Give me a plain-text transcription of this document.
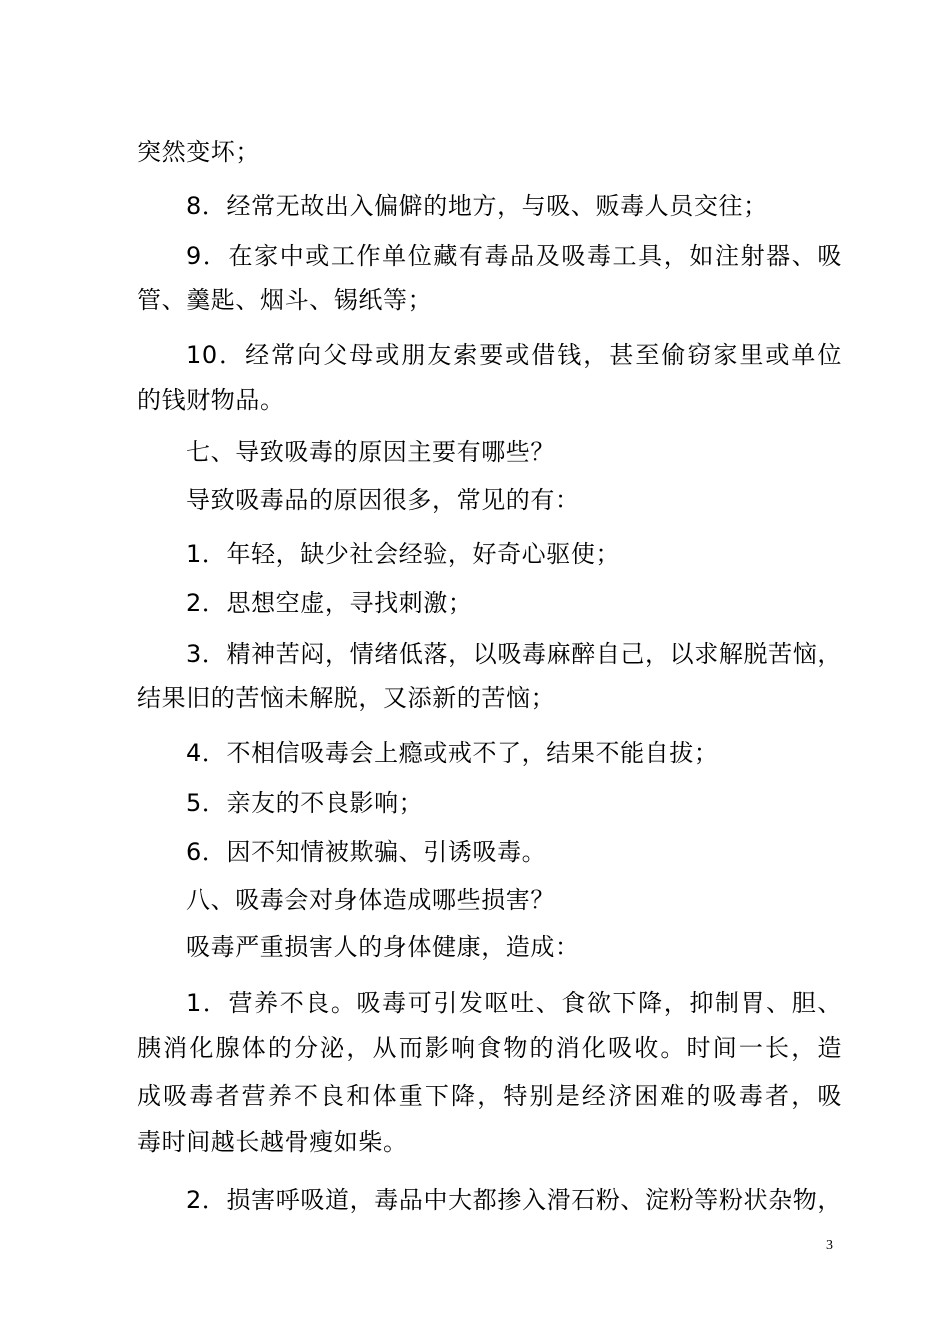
突然变坏；
8．经常无故出入偏僻的地方，与吸、贩毒人员交往；
9．在家中或工作单位藏有毒品及吸毒工具，如注射器、吸
管、羹匙、烟斗、锡纸等；
10．经常向父母或朋友索要或借钱，甚至偷窃家里或单位
的钱财物品。
七、导致吸毒的原因主要有哪些？
导致吸毒品的原因很多，常见的有：
1．年轻，缺少社会经验，好奇心驱使；
2．思想空虚，寻找刺激；
3．精神苦闷，情绪低落，以吸毒麻醉自己，以求解脱苦恼，
结果旧的苦恼未解脱，又添新的苦恼；
4．不相信吸毒会上瘾或戒不了，结果不能自拔；
5．亲友的不良影响；
6．因不知情被欺骗、引诱吸毒。
八、吸毒会对身体造成哪些损害？
吸毒严重损害人的身体健康，造成：
1．营养不良。吸毒可引发呕吐、食欲下降，抑制胃、胆、
胰消化腺体的分泌，从而影响食物的消化吸收。时间一长，造
成吸毒者营养不良和体重下降，特别是经济困难的吸毒者，吸
毒时间越长越骨瘦如柴。
2．损害呼吸道，毒品中大都掺入滑石粉、淀粉等粉状杂物，
3
